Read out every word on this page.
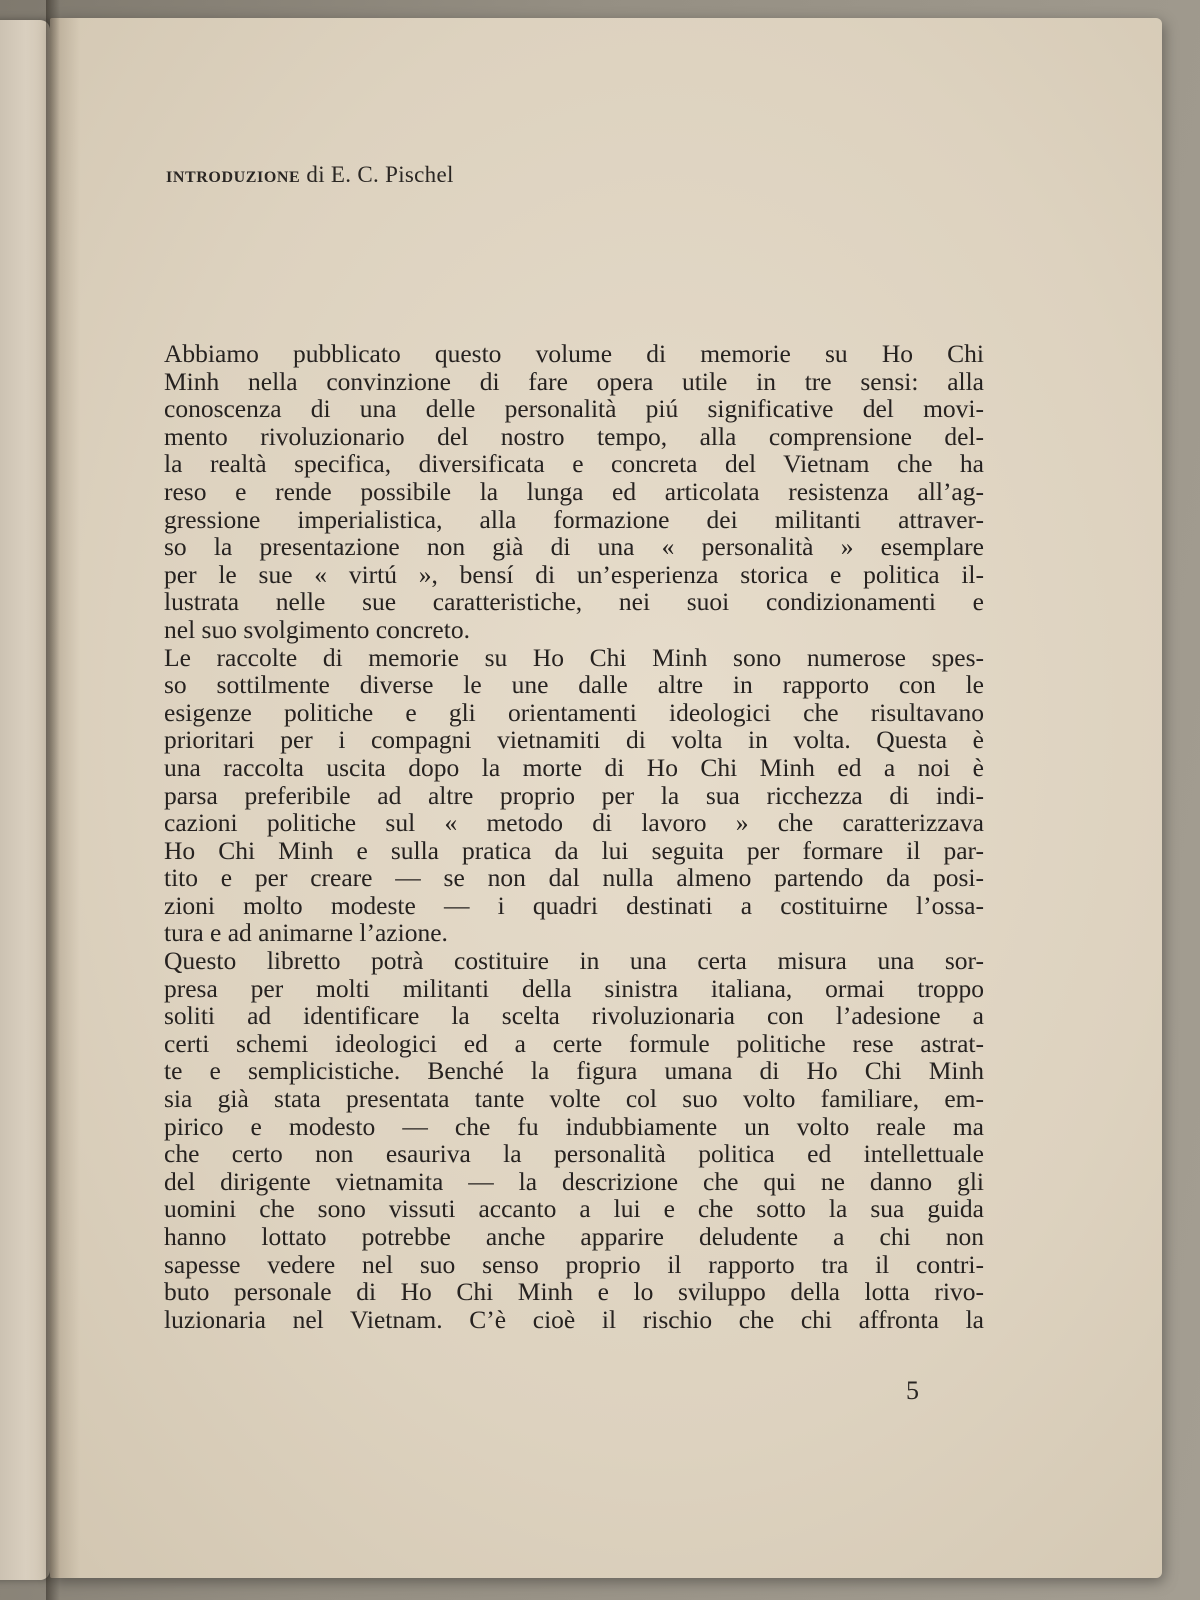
introduzione di E. C. Pischel
Abbiamo pubblicato questo volume di memorie su Ho Chi
Minh nella convinzione di fare opera utile in tre sensi: alla
conoscenza di una delle personalità piú significative del movi-
mento rivoluzionario del nostro tempo, alla comprensione del-
la realtà specifica, diversificata e concreta del Vietnam che ha
reso e rende possibile la lunga ed articolata resistenza all’ag-
gressione imperialistica, alla formazione dei militanti attraver-
so la presentazione non già di una « personalità » esemplare
per le sue « virtú », bensí di un’esperienza storica e politica il-
lustrata nelle sue caratteristiche, nei suoi condizionamenti e
nel suo svolgimento concreto.
Le raccolte di memorie su Ho Chi Minh sono numerose spes-
so sottilmente diverse le une dalle altre in rapporto con le
esigenze politiche e gli orientamenti ideologici che risultavano
prioritari per i compagni vietnamiti di volta in volta. Questa è
una raccolta uscita dopo la morte di Ho Chi Minh ed a noi è
parsa preferibile ad altre proprio per la sua ricchezza di indi-
cazioni politiche sul « metodo di lavoro » che caratterizzava
Ho Chi Minh e sulla pratica da lui seguita per formare il par-
tito e per creare — se non dal nulla almeno partendo da posi-
zioni molto modeste — i quadri destinati a costituirne l’ossa-
tura e ad animarne l’azione.
Questo libretto potrà costituire in una certa misura una sor-
presa per molti militanti della sinistra italiana, ormai troppo
soliti ad identificare la scelta rivoluzionaria con l’adesione a
certi schemi ideologici ed a certe formule politiche rese astrat-
te e semplicistiche. Benché la figura umana di Ho Chi Minh
sia già stata presentata tante volte col suo volto familiare, em-
pirico e modesto — che fu indubbiamente un volto reale ma
che certo non esauriva la personalità politica ed intellettuale
del dirigente vietnamita — la descrizione che qui ne danno gli
uomini che sono vissuti accanto a lui e che sotto la sua guida
hanno lottato potrebbe anche apparire deludente a chi non
sapesse vedere nel suo senso proprio il rapporto tra il contri-
buto personale di Ho Chi Minh e lo sviluppo della lotta rivo-
luzionaria nel Vietnam. C’è cioè il rischio che chi affronta la
5
